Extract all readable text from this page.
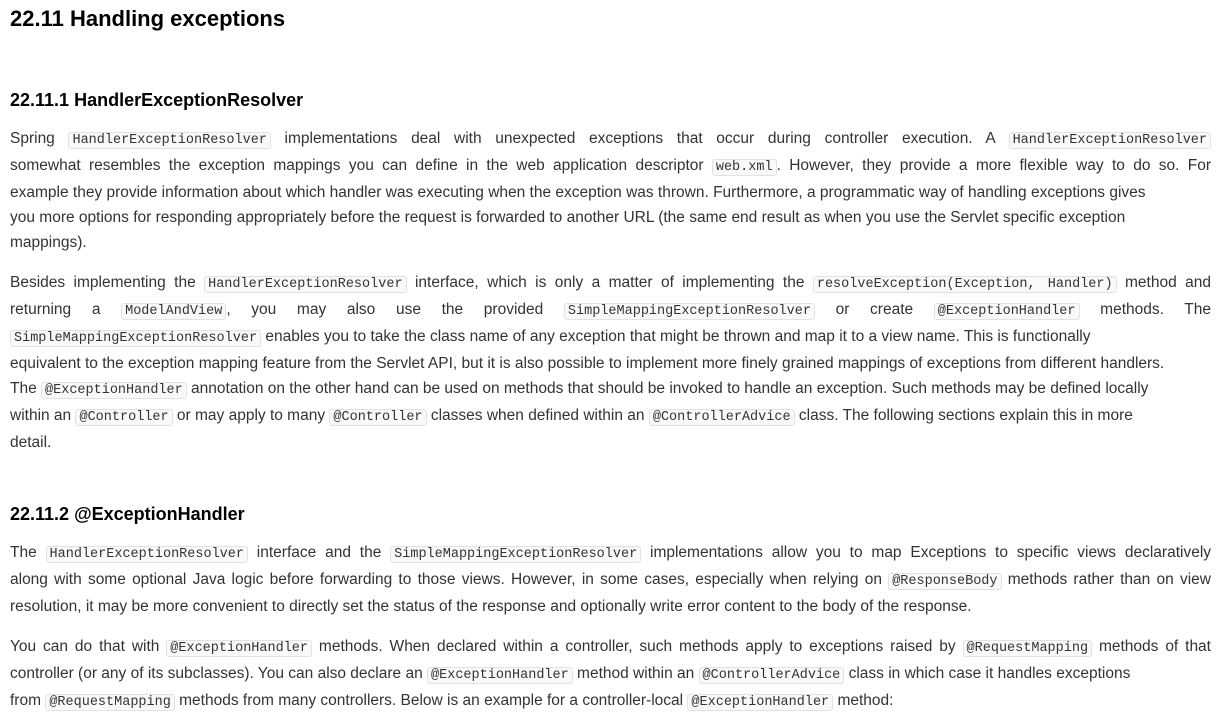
22.11 Handling exceptions
22.11.1 HandlerExceptionResolver

Spring HandlerExceptionResolver implementations deal with unexpected exceptions that occur during controller execution. A HandlerExceptionResolver
somewhat resembles the exception mappings you can define in the web application descriptor web.xml . However, they provide a more flexible way to do so. For
example they provide information about which handler was executing when the exception was thrown. Furthermore, a programmatic way of handling exceptions gives
you more options for responding appropriately before the request is forwarded to another URL (the same end result as when you use the Servlet specific exception
mappings).

Besides implementing the HandlerExceptionResolver interface, which is only a matter of implementing the resolveException(Exception, Handler) method and
returning a ModelAndView , you may also use the provided SimpleMappingExceptionResolver or create @ExceptionHandler methods. The
SimpleMappingExceptionResolver enables you to take the class name of any exception that might be thrown and map it to a view name. This is functionally
equivalent to the exception mapping feature from the Servlet API, but it is also possible to implement more finely grained mappings of exceptions from different handlers.
The @ExceptionHandler annotation on the other hand can be used on methods that should be invoked to handle an exception. Such methods may be defined locally
within an @Controller or may apply to many @Controller classes when defined within an @ControllerAdvice class. The following sections explain this in more
detail.

22.11.2 @ExceptionHandler

The HandlerExceptionResolver interface and the SimpleMappingExceptionResolver implementations allow you to map Exceptions to specific views declaratively
along with some optional Java logic before forwarding to those views. However, in some cases, especially when relying on @ResponseBody methods rather than on view
resolution, it may be more convenient to directly set the status of the response and optionally write error content to the body of the response.

You can do that with @ExceptionHandler methods. When declared within a controller, such methods apply to exceptions raised by @RequestMapping methods of that
controller (or any of its subclasses). You can also declare an @ExceptionHandler method within an @ControllerAdvice class in which case it handles exceptions
from @RequestMapping methods from many controllers. Below is an example for a controller-local @ExceptionHandler method:
